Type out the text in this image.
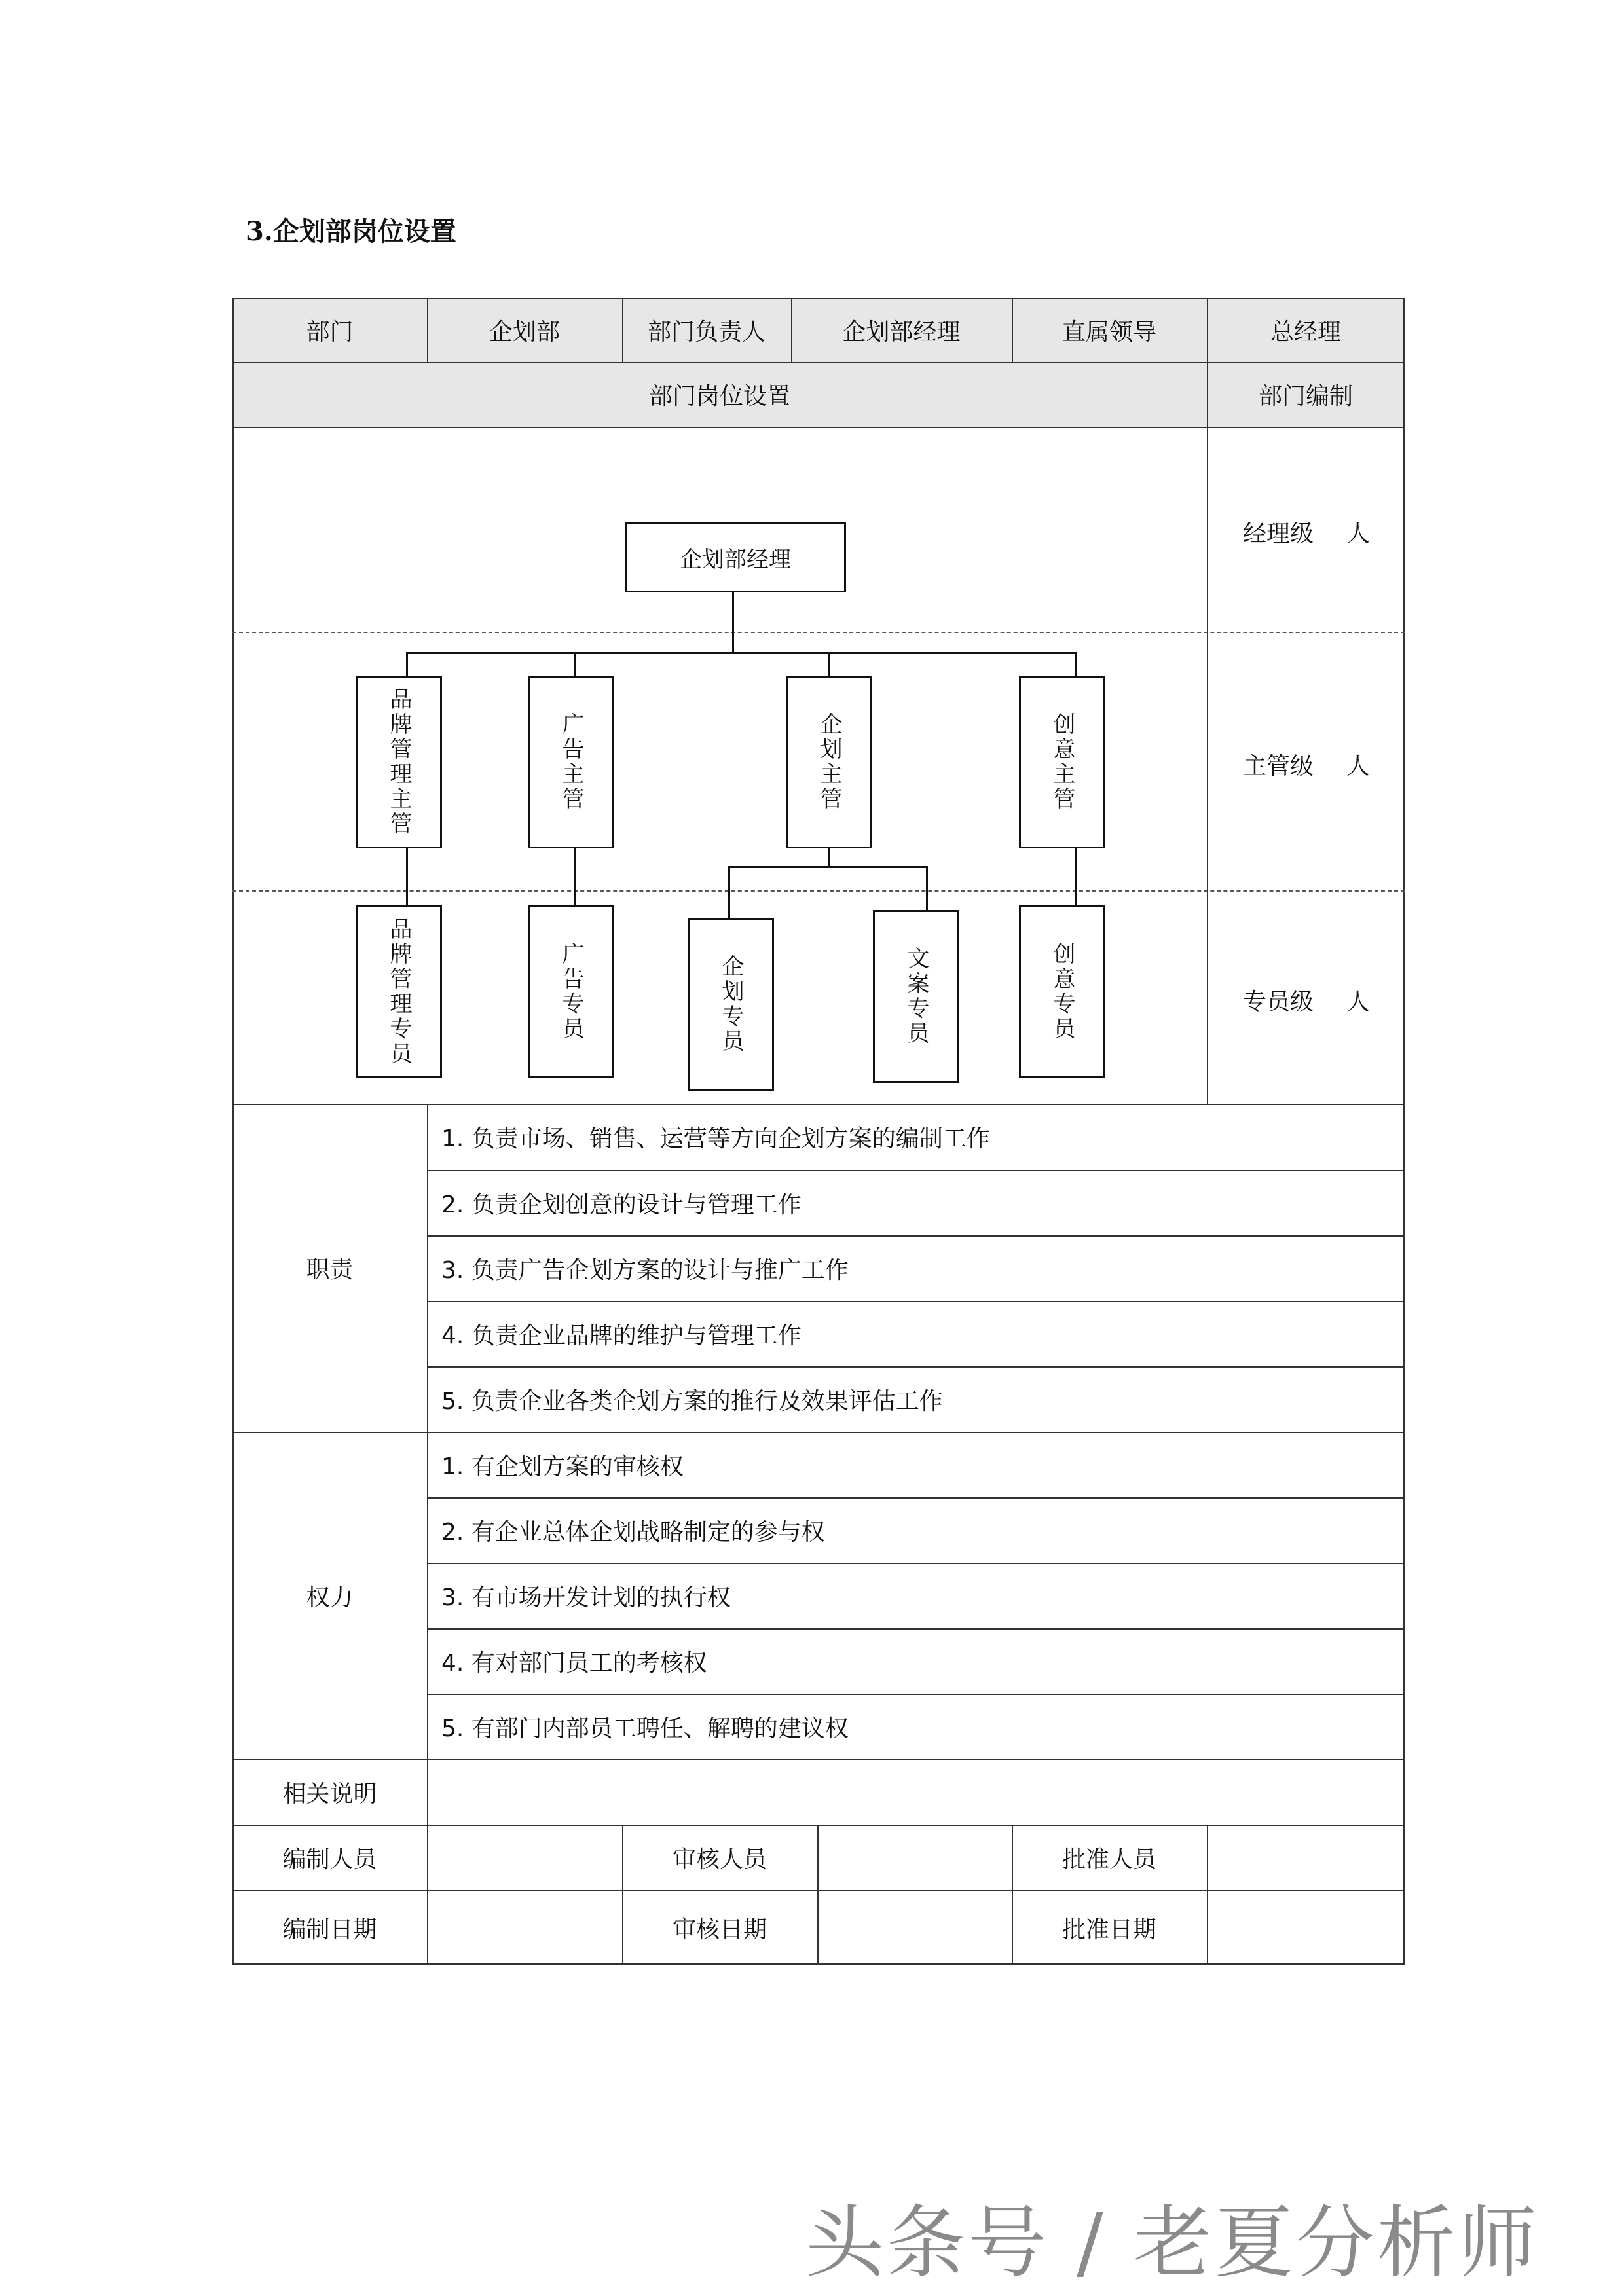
3.企划部岗位设置
部门	企划部	部门负责人	企划部经理	直属领导	总经理
部门岗位设置	部门编制
经理级 人
主管级 人
专员级 人
企划部经理
品牌管理主管	广告主管	企划主管	创意主管
品牌管理专员	广告专员	企划专员	文案专员	创意专员
职责
1. 负责市场、销售、运营等方向企划方案的编制工作
2. 负责企划创意的设计与管理工作
3. 负责广告企划方案的设计与推广工作
4. 负责企业品牌的维护与管理工作
5. 负责企业各类企划方案的推行及效果评估工作
权力
1. 有企划方案的审核权
2. 有企业总体企划战略制定的参与权
3. 有市场开发计划的执行权
4. 有对部门员工的考核权
5. 有部门内部员工聘任、解聘的建议权
相关说明
编制人员	审核人员	批准人员
编制日期	审核日期	批准日期
头条号 / 老夏分析师
